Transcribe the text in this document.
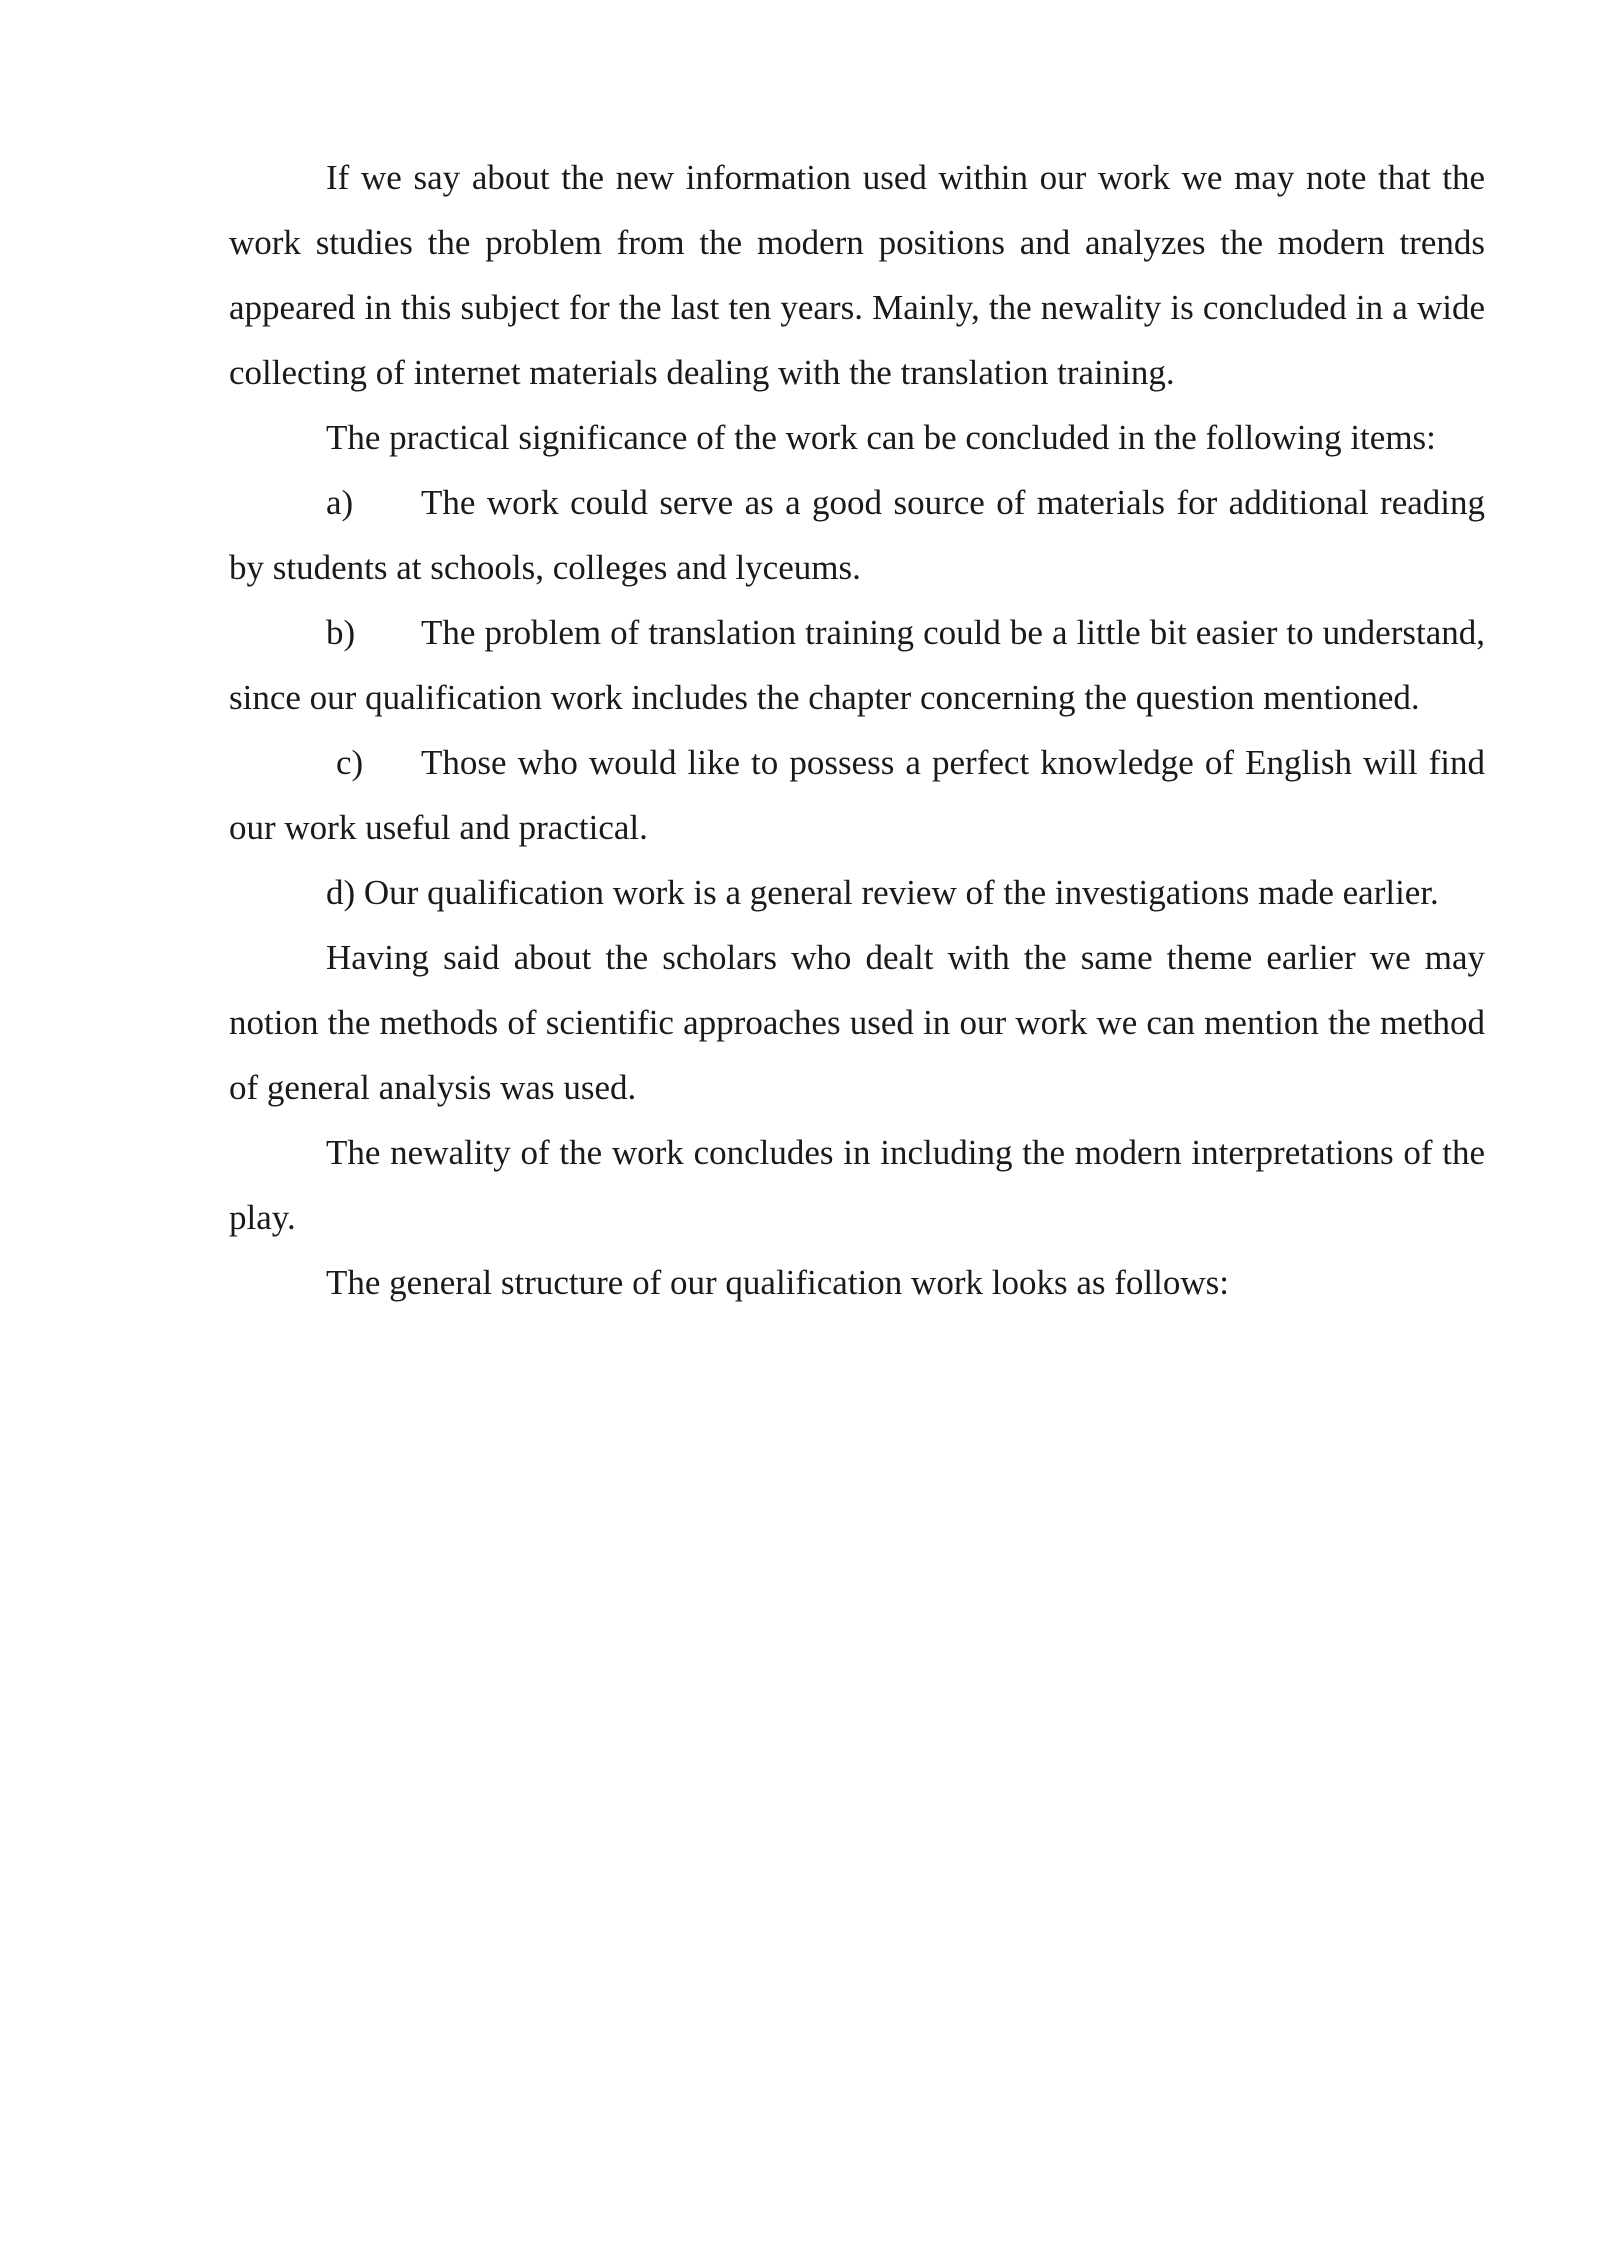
If we say about the new information used within our work we may note that the work studies the problem from the modern positions and analyzes the modern trends appeared in this subject for the last ten years. Mainly, the newality is concluded in a wide collecting of internet materials dealing with the translation training.

The practical significance of the work can be concluded in the following items:

a) The work could serve as a good source of materials for additional reading by students at schools, colleges and lyceums.

b) The problem of translation training could be a little bit easier to understand, since our qualification work includes the chapter concerning the question mentioned.

c) Those who would like to possess a perfect knowledge of English will find our work useful and practical.

d) Our qualification work is a general review of the investigations made earlier.

Having said about the scholars who dealt with the same theme earlier we may notion the methods of scientific approaches used in our work we can mention the method of general analysis was used.

The newality of the work concludes in including the modern interpretations of the play.

The general structure of our qualification work looks as follows:
